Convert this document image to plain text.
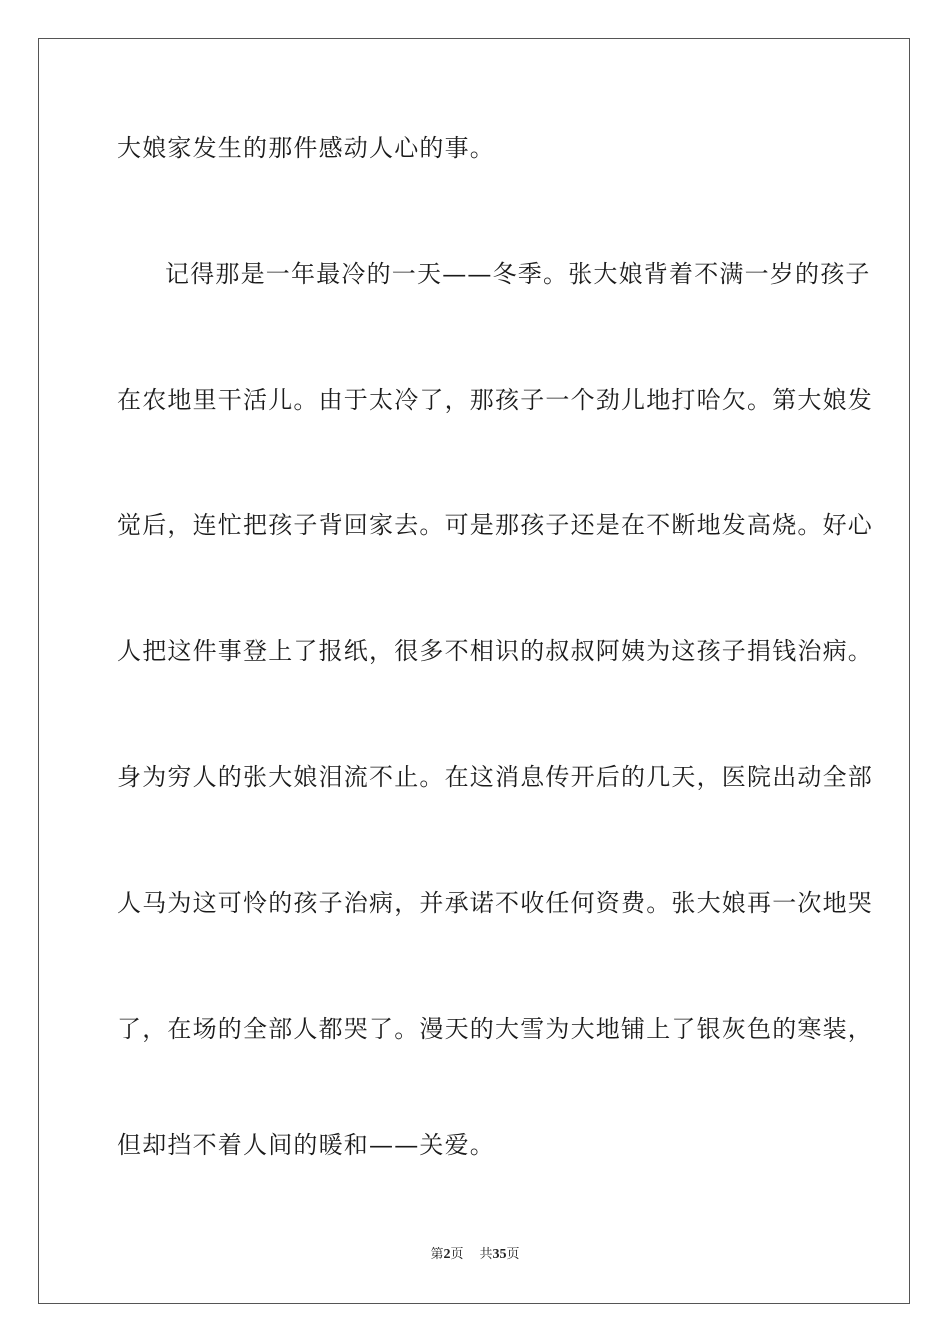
大娘家发生的那件感动人心的事。
记得那是一年最冷的一天——冬季。张大娘背着不满一岁的孩子
在农地里干活儿。由于太冷了，那孩子一个劲儿地打哈欠。第大娘发
觉后，连忙把孩子背回家去。可是那孩子还是在不断地发高烧。好心
人把这件事登上了报纸，很多不相识的叔叔阿姨为这孩子捐钱治病。
身为穷人的张大娘泪流不止。在这消息传开后的几天，医院出动全部
人马为这可怜的孩子治病，并承诺不收任何资费。张大娘再一次地哭
了，在场的全部人都哭了。漫天的大雪为大地铺上了银灰色的寒装，
但却挡不着人间的暖和——关爱。
第2页 共35页
